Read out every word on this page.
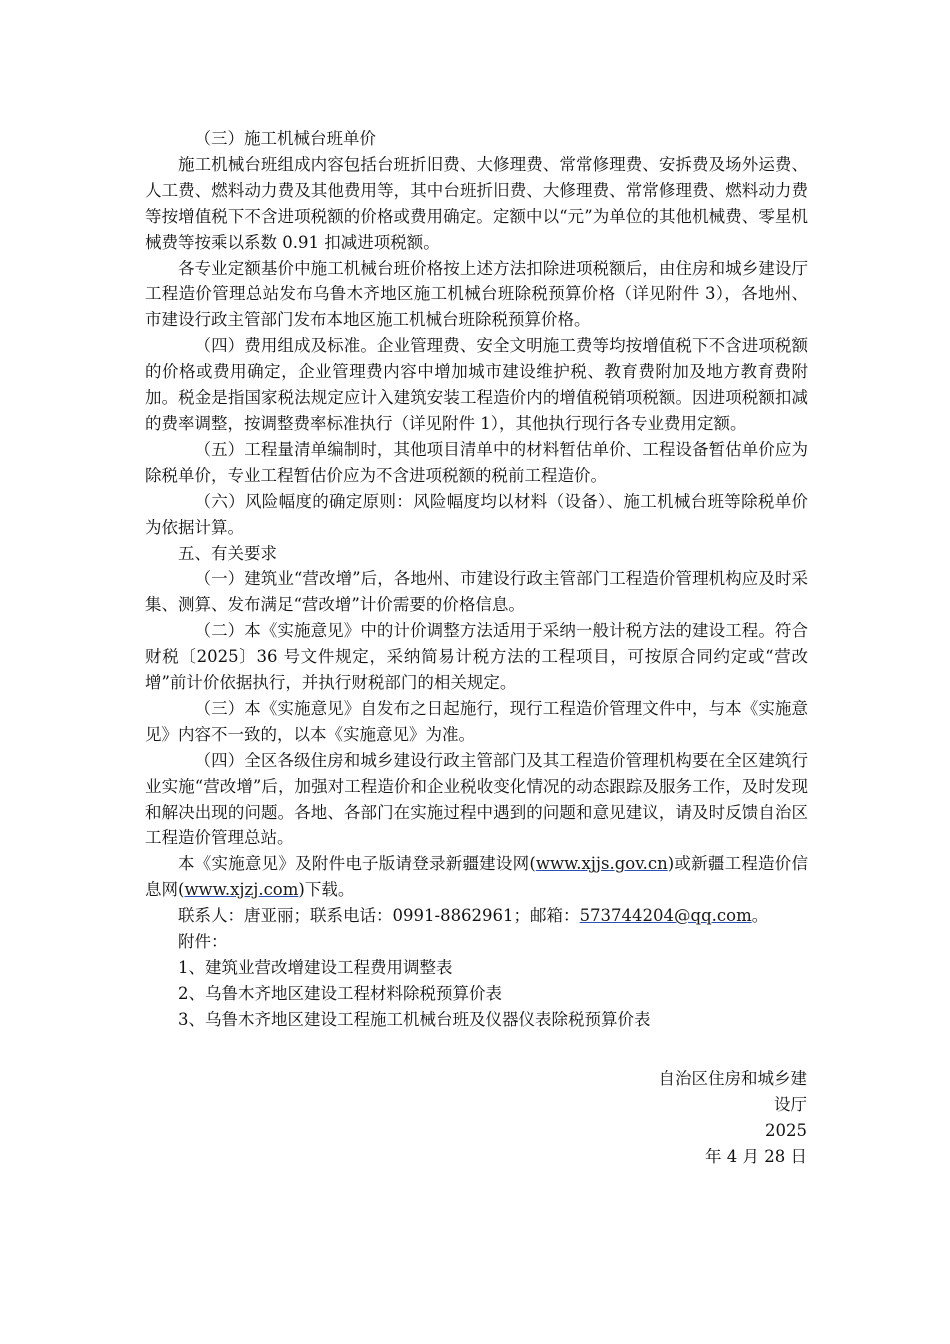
（三）施工机械台班单价

施工机械台班组成内容包括台班折旧费、大修理费、常常修理费、安拆费及场外运费、人工费、燃料动力费及其他费用等，其中台班折旧费、大修理费、常常修理费、燃料动力费等按增值税下不含进项税额的价格或费用确定。定额中以“元”为单位的其他机械费、零星机械费等按乘以系数 0.91 扣减进项税额。

各专业定额基价中施工机械台班价格按上述方法扣除进项税额后，由住房和城乡建设厅工程造价管理总站发布乌鲁木齐地区施工机械台班除税预算价格（详见附件 3），各地州、市建设行政主管部门发布本地区施工机械台班除税预算价格。

（四）费用组成及标准。企业管理费、安全文明施工费等均按增值税下不含进项税额的价格或费用确定，企业管理费内容中增加城市建设维护税、教育费附加及地方教育费附加。税金是指国家税法规定应计入建筑安装工程造价内的增值税销项税额。因进项税额扣减的费率调整，按调整费率标准执行（详见附件 1），其他执行现行各专业费用定额。

（五）工程量清单编制时，其他项目清单中的材料暂估单价、工程设备暂估单价应为除税单价，专业工程暂估价应为不含进项税额的税前工程造价。

（六）风险幅度的确定原则：风险幅度均以材料（设备）、施工机械台班等除税单价为依据计算。

五、有关要求

（一）建筑业“营改增”后，各地州、市建设行政主管部门工程造价管理机构应及时采集、测算、发布满足“营改增”计价需要的价格信息。

（二）本《实施意见》中的计价调整方法适用于采纳一般计税方法的建设工程。符合财税〔2025〕36 号文件规定，采纳简易计税方法的工程项目，可按原合同约定或“营改增”前计价依据执行，并执行财税部门的相关规定。

（三）本《实施意见》自发布之日起施行，现行工程造价管理文件中，与本《实施意见》内容不一致的，以本《实施意见》为准。

（四）全区各级住房和城乡建设行政主管部门及其工程造价管理机构要在全区建筑行业实施“营改增”后，加强对工程造价和企业税收变化情况的动态跟踪及服务工作，及时发现和解决出现的问题。各地、各部门在实施过程中遇到的问题和意见建议，请及时反馈自治区工程造价管理总站。

本《实施意见》及附件电子版请登录新疆建设网(www.xjjs.gov.cn)或新疆工程造价信息网(www.xjzj.com)下载。

联系人：唐亚丽；联系电话：0991-8862961；邮箱：573744204@qq.com。

附件：

1、建筑业营改增建设工程费用调整表

2、乌鲁木齐地区建设工程材料除税预算价表

3、乌鲁木齐地区建设工程施工机械台班及仪器仪表除税预算价表

自治区住房和城乡建
设厅
2025
年 4 月 28 日
